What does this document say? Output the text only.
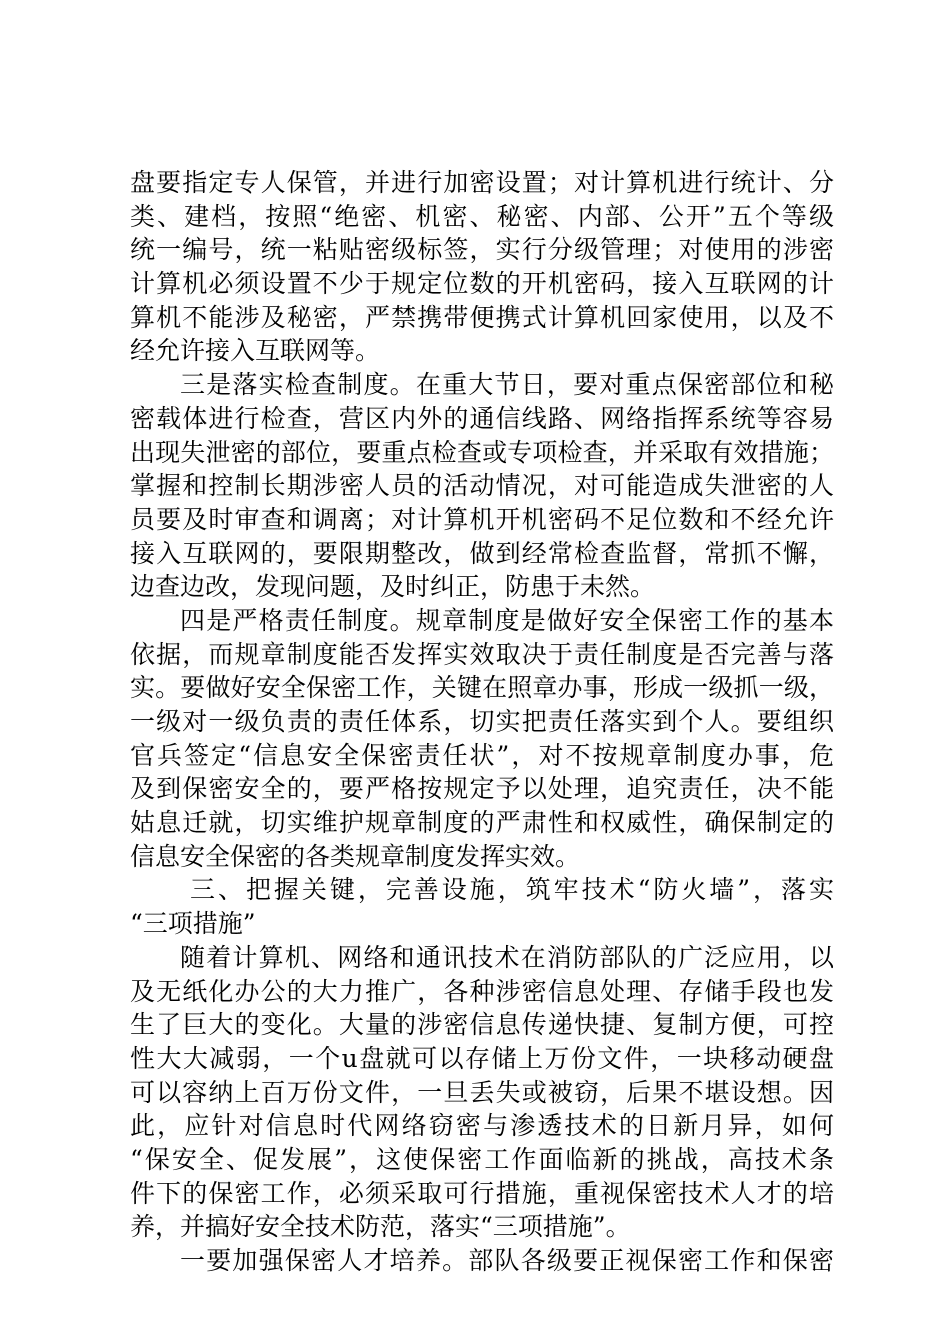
盘要指定专人保管，并进行加密设置；对计算机进行统计、分
类、建档，按照“绝密、机密、秘密、内部、公开”五个等级
统一编号，统一粘贴密级标签，实行分级管理；对使用的涉密
计算机必须设置不少于规定位数的开机密码，接入互联网的计
算机不能涉及秘密，严禁携带便携式计算机回家使用，以及不
经允许接入互联网等。
三是落实检查制度。在重大节日，要对重点保密部位和秘
密载体进行检查，营区内外的通信线路、网络指挥系统等容易
出现失泄密的部位，要重点检查或专项检查，并采取有效措施；
掌握和控制长期涉密人员的活动情况，对可能造成失泄密的人
员要及时审查和调离；对计算机开机密码不足位数和不经允许
接入互联网的，要限期整改，做到经常检查监督，常抓不懈，
边查边改，发现问题，及时纠正，防患于未然。
四是严格责任制度。规章制度是做好安全保密工作的基本
依据，而规章制度能否发挥实效取决于责任制度是否完善与落
实。要做好安全保密工作，关键在照章办事，形成一级抓一级，
一级对一级负责的责任体系，切实把责任落实到个人。要组织
官兵签定“信息安全保密责任状”，对不按规章制度办事，危
及到保密安全的，要严格按规定予以处理，追究责任，决不能
姑息迁就，切实维护规章制度的严肃性和权威性，确保制定的
信息安全保密的各类规章制度发挥实效。
三、把握关键，完善设施，筑牢技术“防火墙”，落实
“三项措施”
随着计算机、网络和通讯技术在消防部队的广泛应用，以
及无纸化办公的大力推广，各种涉密信息处理、存储手段也发
生了巨大的变化。大量的涉密信息传递快捷、复制方便，可控
性大大减弱，一个u盘就可以存储上万份文件，一块移动硬盘
可以容纳上百万份文件，一旦丢失或被窃，后果不堪设想。因
此，应针对信息时代网络窃密与渗透技术的日新月异，如何
“保安全、促发展”，这使保密工作面临新的挑战，高技术条
件下的保密工作，必须采取可行措施，重视保密技术人才的培
养，并搞好安全技术防范，落实“三项措施”。
一要加强保密人才培养。部队各级要正视保密工作和保密
